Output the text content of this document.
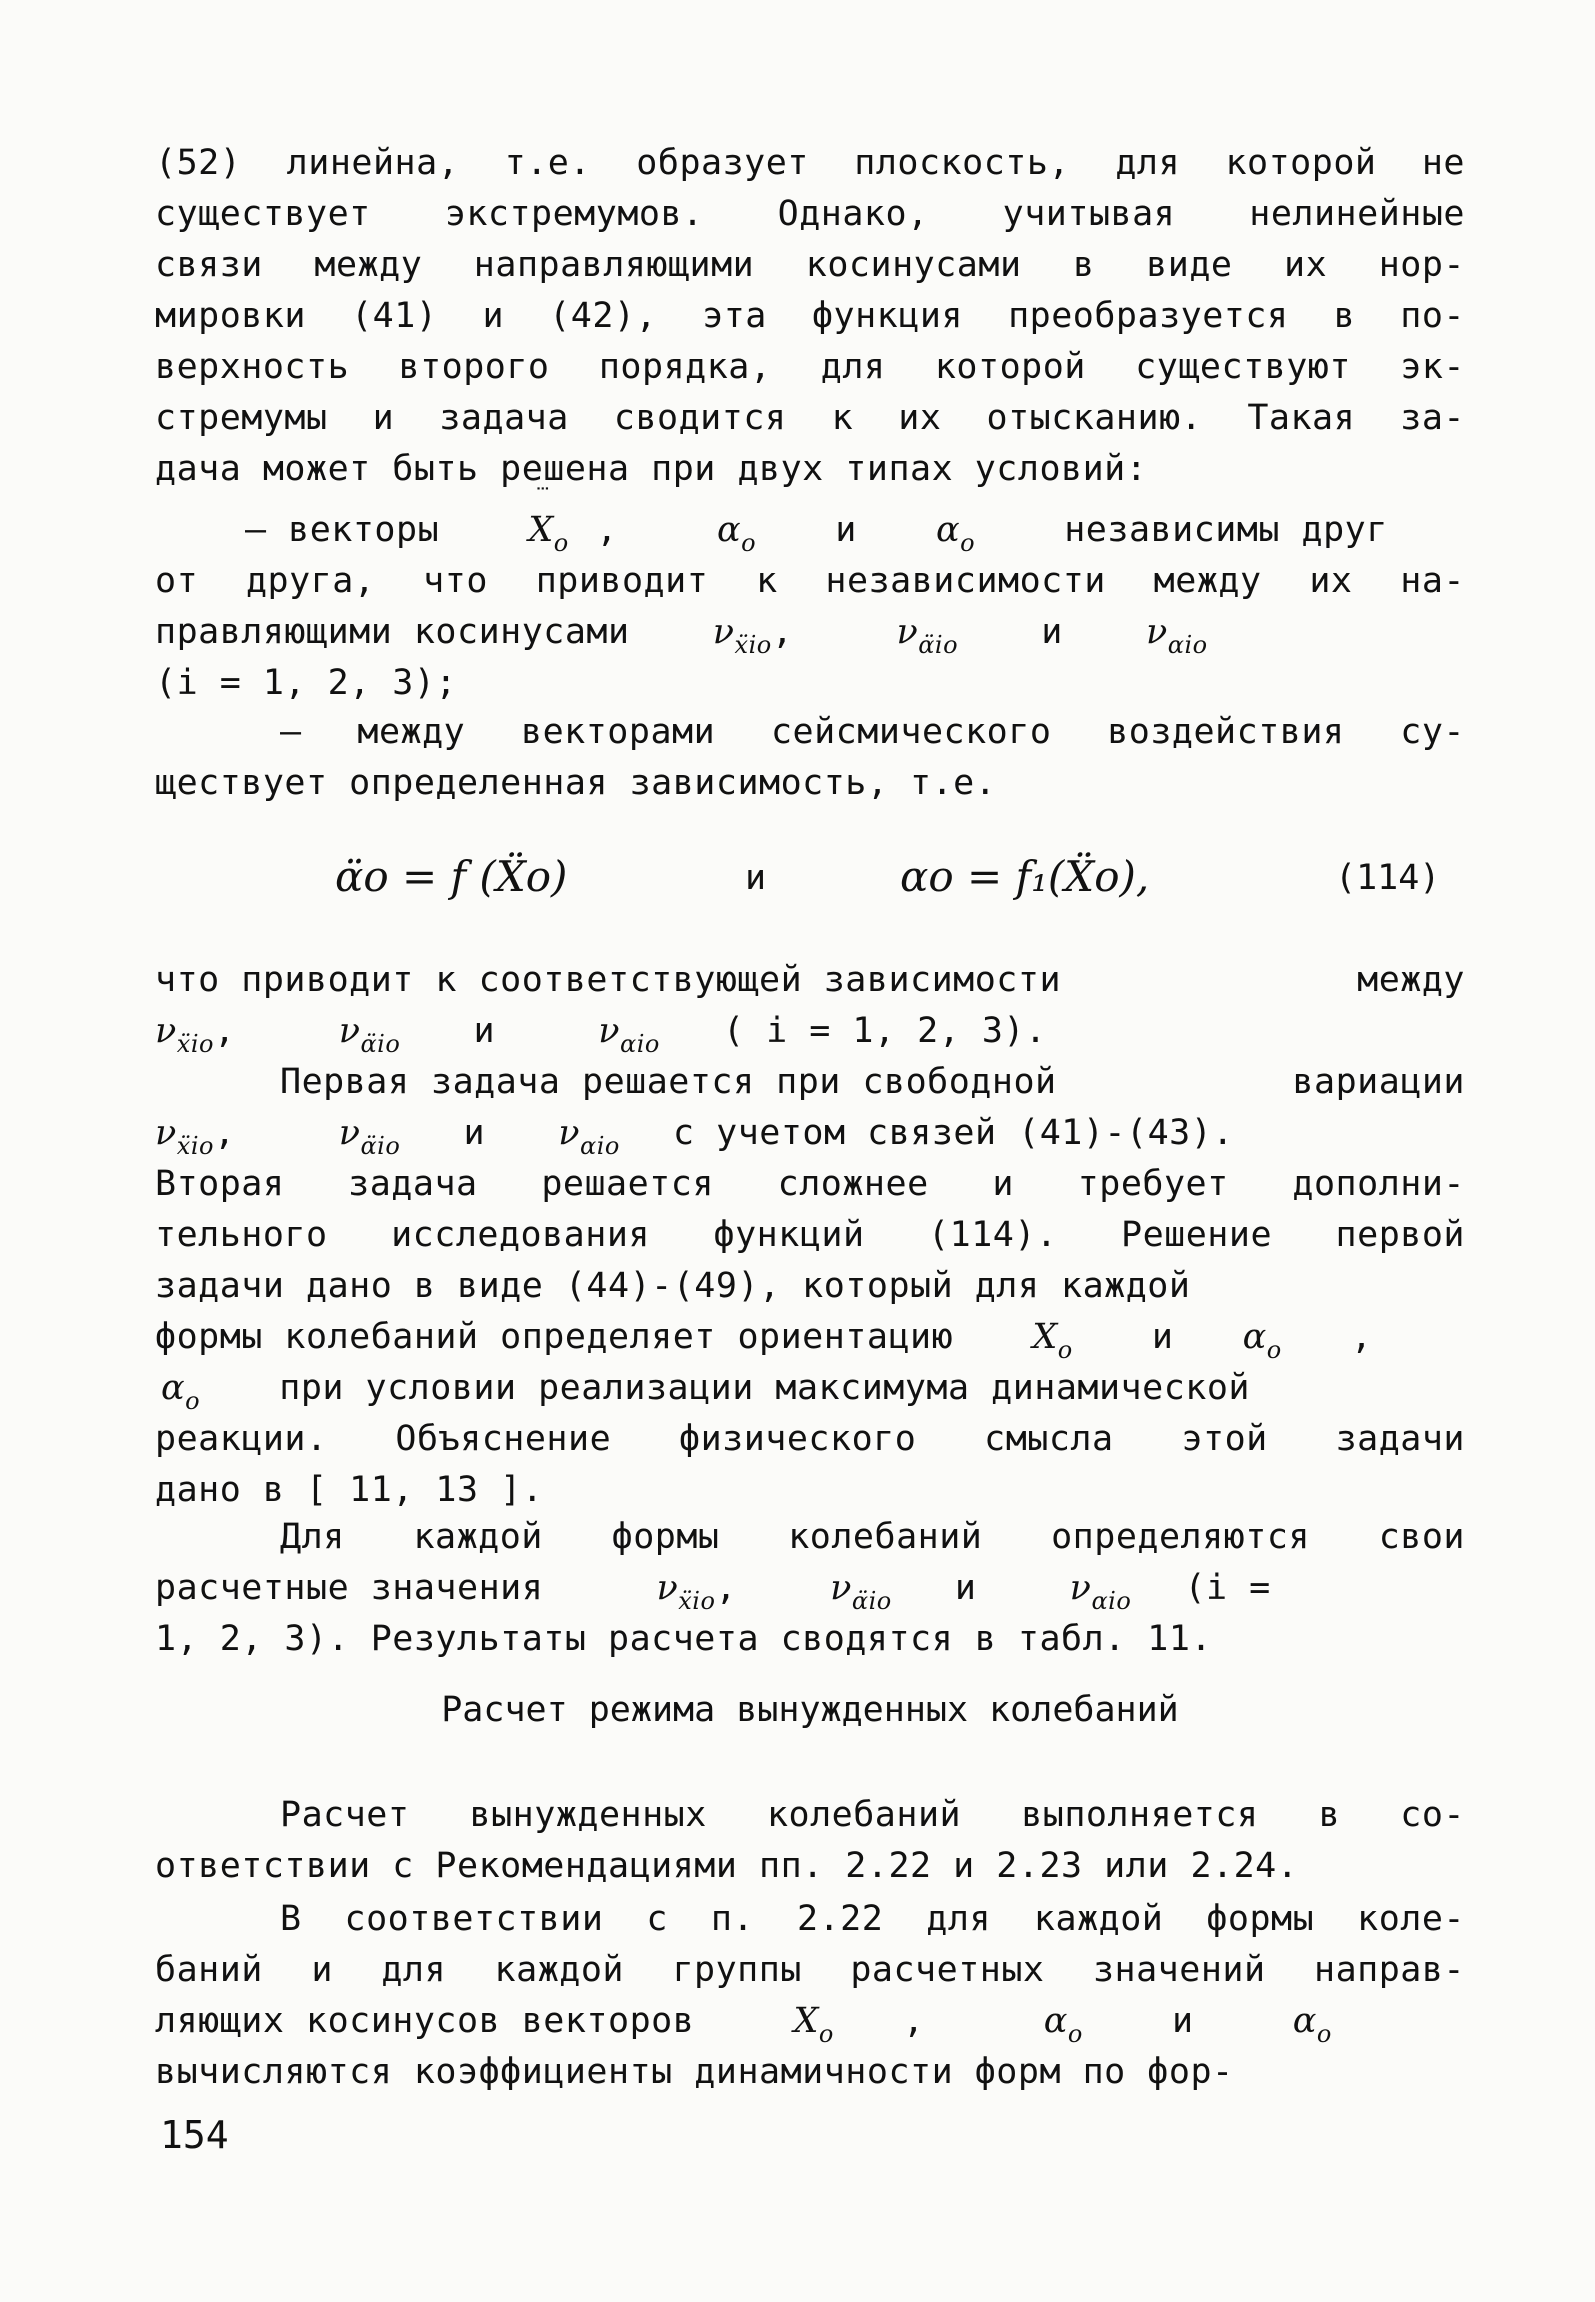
(52) линейна, т.е. образует плоскость, для которой не
существует экстремумов. Однако, учитывая нелинейные
связи между направляющими косинусами в виде их нор-
мировки (41) и (42), эта функция преобразуется в по-
верхность второго порядка, для которой существуют эк-
стремумы и задача сводится к их отысканию. Такая за-
дача может быть решена при двух типах условий:
– векторы
⃛
$X_o$ ,	$\alpha_o$ и $\alpha_o$	независимы друг
от друга, что приводит к независимости между их на-
правляющими косинусами $\nu_{ẍio}$,	$\nu_{\alphäio}$ и $\nu_{\alpha io}$
(i = 1, 2, 3);
– между векторами сейсмического воздействия су-
ществует определенная зависимость, т.е.
α̈o = f (Ẍo)	и	αo = f₁(Ẍo),	(114)
что приводит к соответствующей зависимости	между
$\nu_{ẍio}$,	$\nu_{\alphäio}$ и	$\nu_{\alpha io}$ ( i = 1, 2, 3).
Первая задача решается при свободной	вариации
$\nu_{ẍio}$,	$\nu_{\alphäio}$ и $\nu_{\alpha io}$ с учетом связей (41)-(43).
Вторая задача решается сложнее и требует дополни-
тельного исследования функций (114). Решение первой
задачи дано в виде (44)-(49), который для каждой
формы колебаний определяет ориентацию $X_o$ и $\alpha_o$ ,
$\alpha_o$ при условии реализации максимума динамической
реакции. Объяснение физического смысла этой задачи
дано в [ 11, 13 ].
Для каждой формы колебаний определяются свои
расчетные значения	$\nu_{ẍio}$,	$\nu_{\alphäio}$ и	$\nu_{\alpha io}$ (i =
1, 2, 3). Результаты расчета сводятся в табл. 11.
Расчет режима вынужденных колебаний
Расчет вынужденных колебаний выполняется в со-
ответствии с Рекомендациями пп. 2.22 и 2.23 или 2.24.
В соответствии с п. 2.22 для каждой формы коле-
баний и для каждой группы расчетных значений направ-
ляющих косинусов векторов	$X_o$ ,	$\alpha_o$	и	$\alpha_o$
вычисляются коэффициенты динамичности форм по фор-
154
